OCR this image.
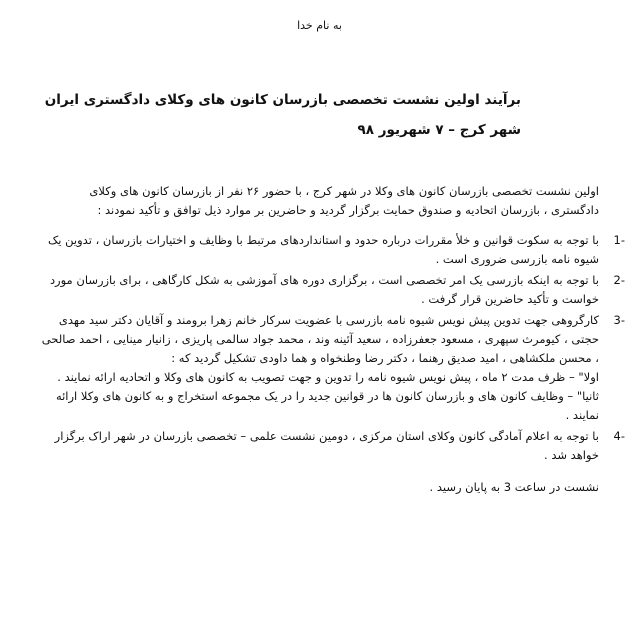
به نام خدا
برآیند اولین نشست تخصصی بازرسان کانون های وکلای دادگستری ایران
شهر کرج – ۷ شهریور ۹۸

اولین نشست تخصصی بازرسان کانون های وکلا در شهر کرج ، با حضور ۲۶ نفر از بازرسان کانون های وکلای دادگستری ، بازرسان اتحادیه و صندوق حمایت برگزار گردید و حاضرین بر موارد ذیل توافق و تأکید نمودند :

1-

با توجه به سکوت قوانین و خلأ مقررات درباره حدود و استانداردهای مرتبط با وظایف و اختیارات بازرسان ، تدوین یک شیوه نامه بازرسی ضروری است .

2-

با توجه به اینکه بازرسی یک امر تخصصی است ، برگزاری دوره های آموزشی به شکل کارگاهی ، برای بازرسان مورد خواست و تأکید حاضرین قرار گرفت .

3-

کارگروهی جهت تدوین پیش نویس شیوه نامه بازرسی با عضویت سرکار خانم زهرا برومند و آقایان دکتر سید مهدی حجتی ، کیومرث سپهری ، مسعود جعفرزاده ، سعید آئینه وند ، محمد جواد سالمی پاریزی ، زانیار مینایی ، احمد صالحی ، محسن ملکشاهی ، امید صدیق رهنما ، دکتر رضا وطنخواه و هما داودی تشکیل گردید که :

اولا" – ظرف مدت ۲ ماه ، پیش نویس شیوه نامه را تدوین و جهت تصویب به کانون های وکلا و اتحادیه ارائه نمایند .

ثانیا" – وظایف کانون های و بازرسان کانون ها در قوانین جدید را در یک مجموعه استخراج و به کانون های وکلا ارائه نمایند .

4-

با توجه به اعلام آمادگی کانون وکلای استان مرکزی ، دومین نشست علمی – تخصصی بازرسان در شهر اراک برگزار خواهد شد .

نشست در ساعت 3 به پایان رسید .
